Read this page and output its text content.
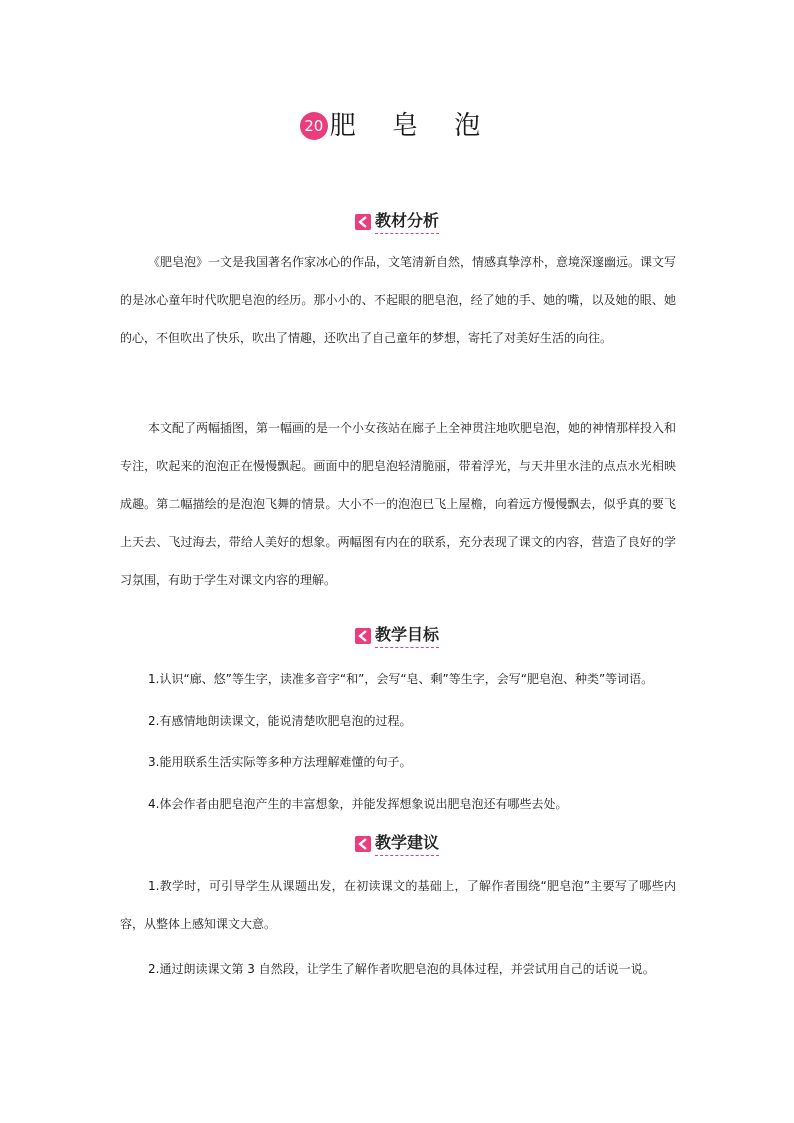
20 肥 皂 泡
教材分析

《肥皂泡》一文是我国著名作家冰心的作品，文笔清新自然，情感真挚淳朴，意境深邃幽远。课文写的是冰心童年时代吹肥皂泡的经历。那小小的、不起眼的肥皂泡，经了她的手、她的嘴，以及她的眼、她的心，不但吹出了快乐，吹出了情趣，还吹出了自己童年的梦想，寄托了对美好生活的向往。

本文配了两幅插图，第一幅画的是一个小女孩站在廊子上全神贯注地吹肥皂泡，她的神情那样投入和专注，吹起来的泡泡正在慢慢飘起。画面中的肥皂泡轻清脆丽，带着浮光，与天井里水洼的点点水光相映成趣。第二幅描绘的是泡泡飞舞的情景。大小不一的泡泡已飞上屋檐，向着远方慢慢飘去，似乎真的要飞上天去、飞过海去，带给人美好的想象。两幅图有内在的联系，充分表现了课文的内容，营造了良好的学习氛围，有助于学生对课文内容的理解。

教学目标
1.认识“廊、悠”等生字，读准多音字“和”，会写“皂、剩”等生字，会写“肥皂泡、种类”等词语。
2.有感情地朗读课文，能说清楚吹肥皂泡的过程。
3.能用联系生活实际等多种方法理解难懂的句子。
4.体会作者由肥皂泡产生的丰富想象，并能发挥想象说出肥皂泡还有哪些去处。
教学建议

1.教学时，可引导学生从课题出发，在初读课文的基础上，了解作者围绕“肥皂泡”主要写了哪些内容，从整体上感知课文大意。

2.通过朗读课文第 3 自然段，让学生了解作者吹肥皂泡的具体过程，并尝试用自己的话说一说。
